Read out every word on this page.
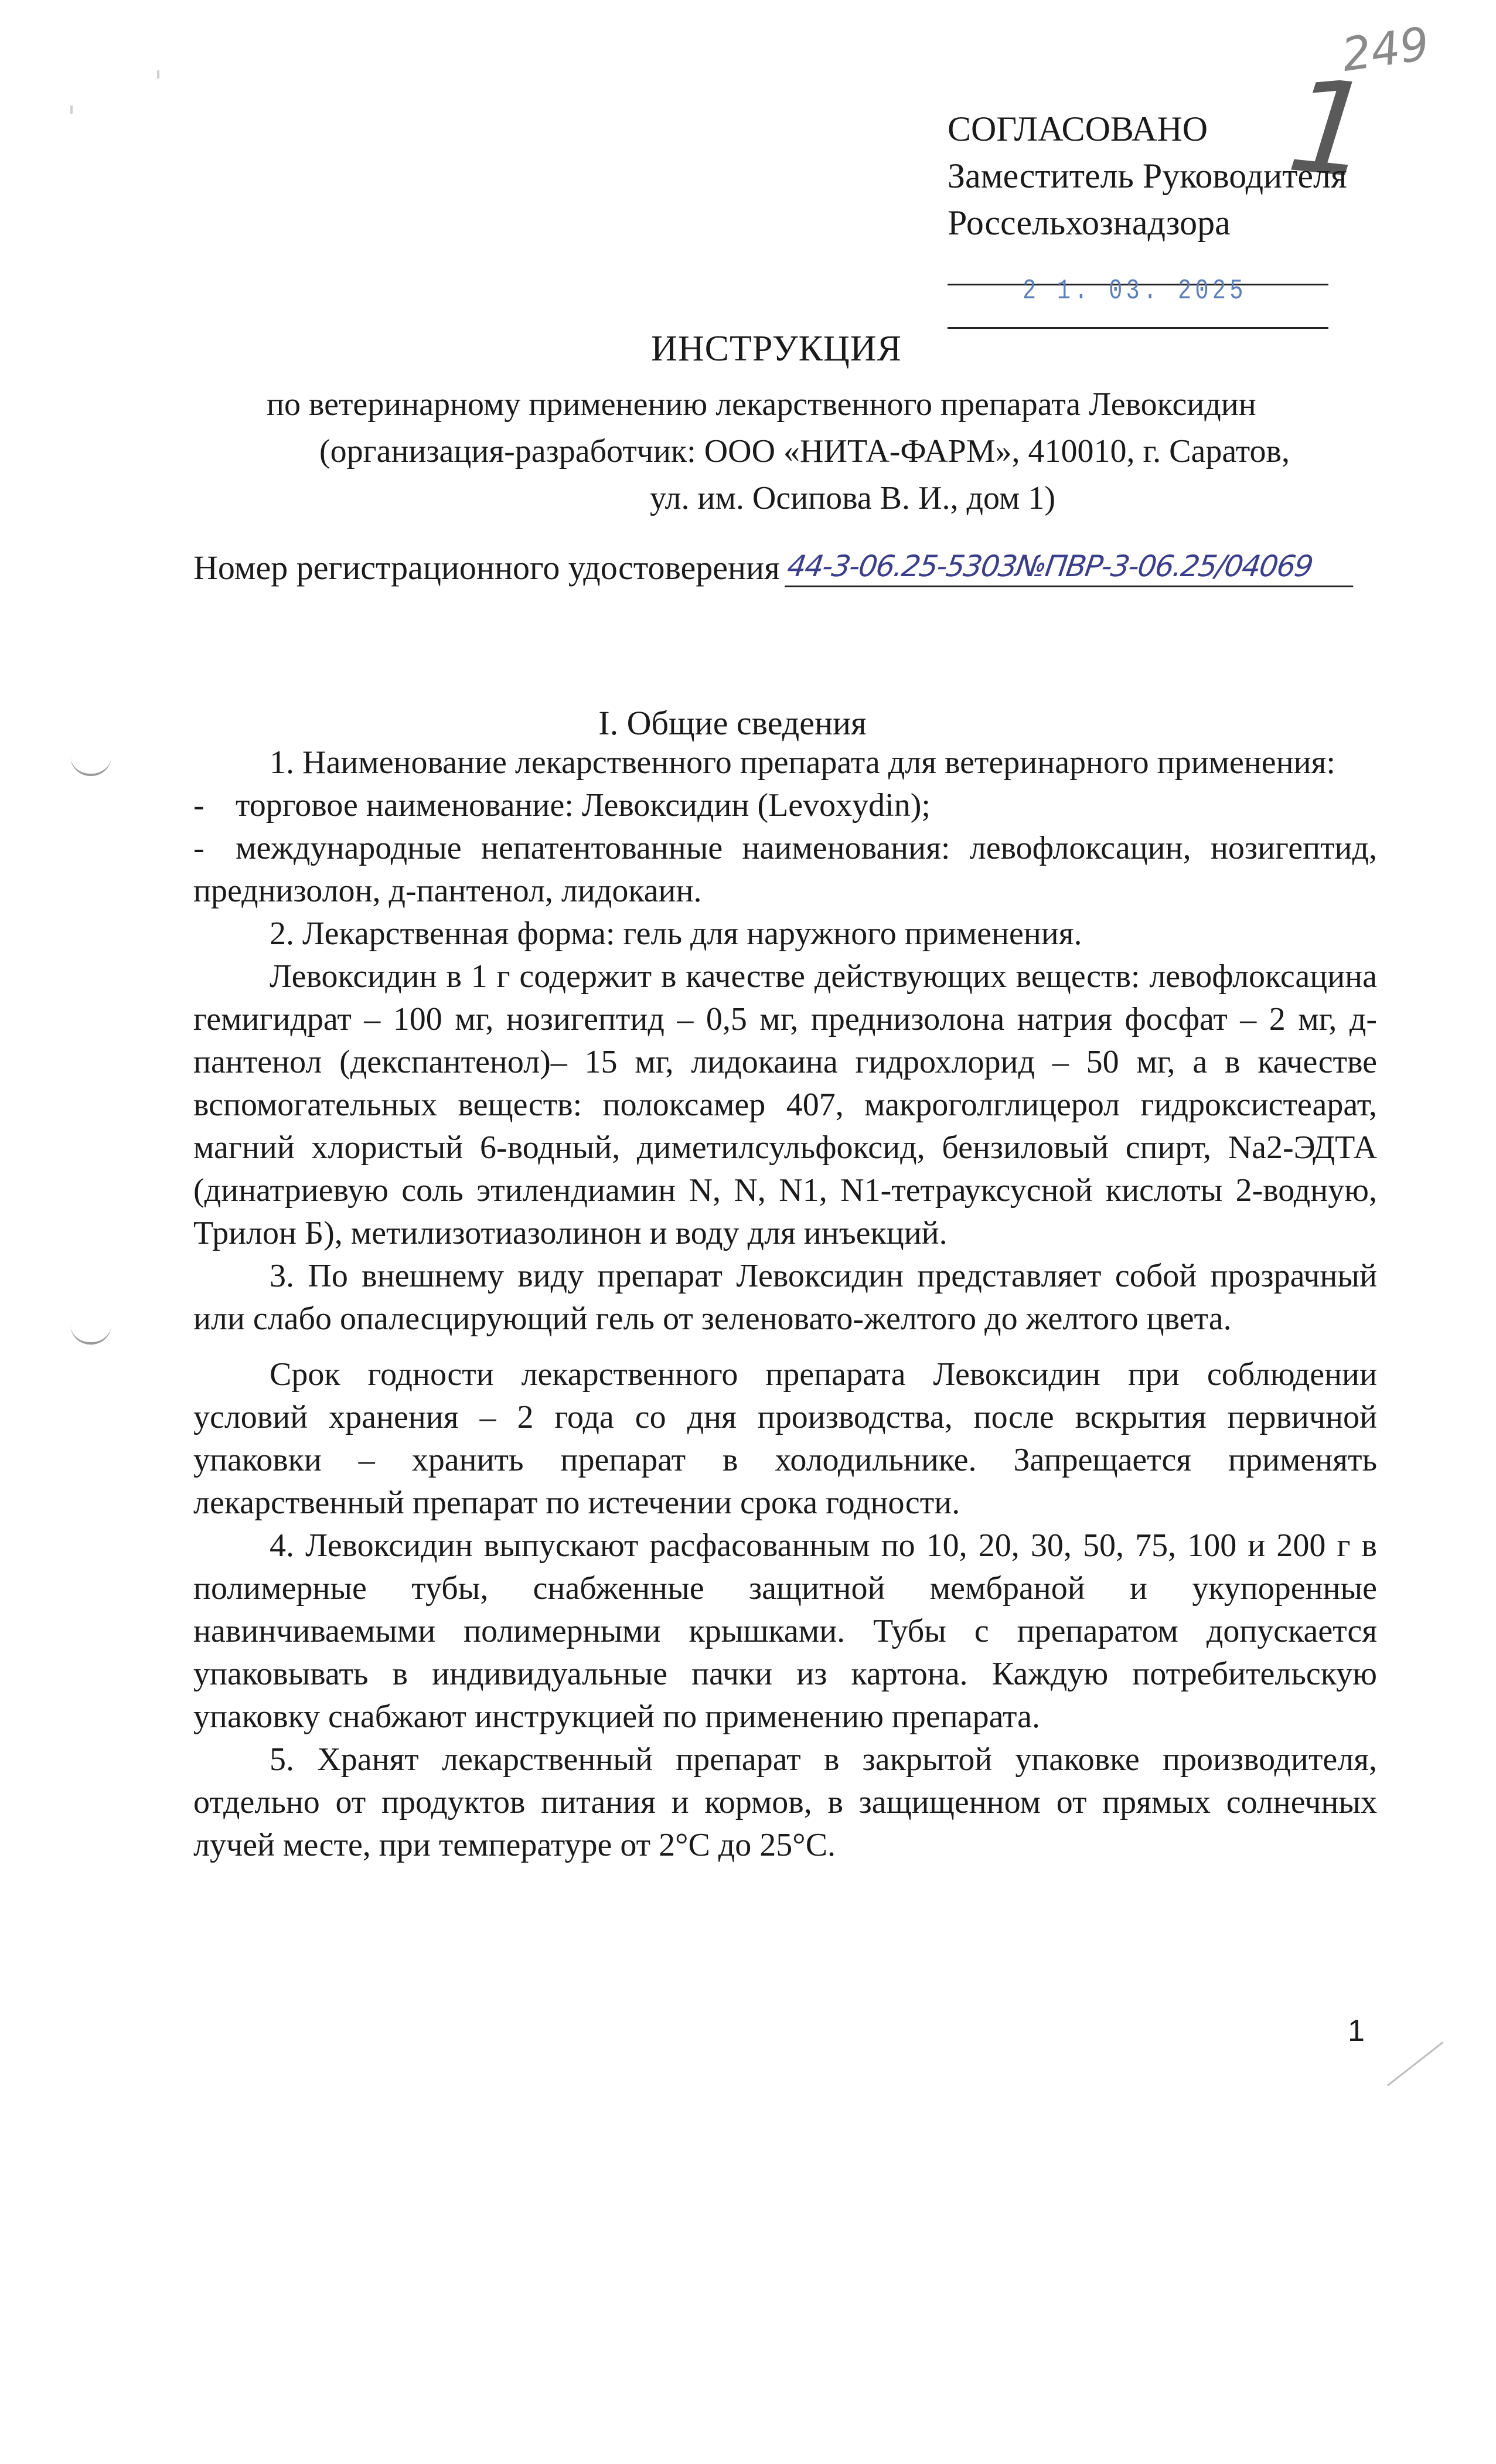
249
1
СОГЛАСОВАНО
Заместитель Руководителя
Россельхознадзора
2 1. 03. 2025
ИНСТРУКЦИЯ
по ветеринарному применению лекарственного препарата Левоксидин
(организация-разработчик: ООО «НИТА-ФАРМ», 410010, г. Саратов,
ул. им. Осипова В. И., дом 1)
Номер регистрационного удостоверения 44-3-06.25-5303№ПВР-3-06.25/04069
I. Общие сведения

1. Наименование лекарственного препарата для ветеринарного применения:

- торговое наименование: Левоксидин (Levoxydin);

- международные непатентованные наименования: левофлоксацин, нозигептид, преднизолон, д-пантенол, лидокаин.

2. Лекарственная форма: гель для наружного применения.

Левоксидин в 1 г содержит в качестве действующих веществ: левофлоксацина гемигидрат – 100 мг, нозигептид – 0,5 мг, преднизолона натрия фосфат – 2 мг, д-пантенол (декспантенол)– 15 мг, лидокаина гидрохлорид – 50 мг, а в качестве вспомогательных веществ: полоксамер 407, макроголглицерол гидроксистеарат, магний хлористый 6-водный, диметилсульфоксид, бензиловый спирт, Na2-ЭДТА (динатриевую соль этилендиамин N, N, N1, N1-тетрауксусной кислоты 2-водную, Трилон Б), метилизотиазолинон и воду для инъекций.

3. По внешнему виду препарат Левоксидин представляет собой прозрачный или слабо опалесцирующий гель от зеленовато-желтого до желтого цвета.

Срок годности лекарственного препарата Левоксидин при соблюдении условий хранения – 2 года со дня производства, после вскрытия первичной упаковки – хранить препарат в холодильнике. Запрещается применять лекарственный препарат по истечении срока годности.

4. Левоксидин выпускают расфасованным по 10, 20, 30, 50, 75, 100 и 200 г в полимерные тубы, снабженные защитной мембраной и укупоренные навинчиваемыми полимерными крышками. Тубы с препаратом допускается упаковывать в индивидуальные пачки из картона. Каждую потребительскую упаковку снабжают инструкцией по применению препарата.

5. Хранят лекарственный препарат в закрытой упаковке производителя, отдельно от продуктов питания и кормов, в защищенном от прямых солнечных лучей месте, при температуре от 2°С до 25°С.

1
